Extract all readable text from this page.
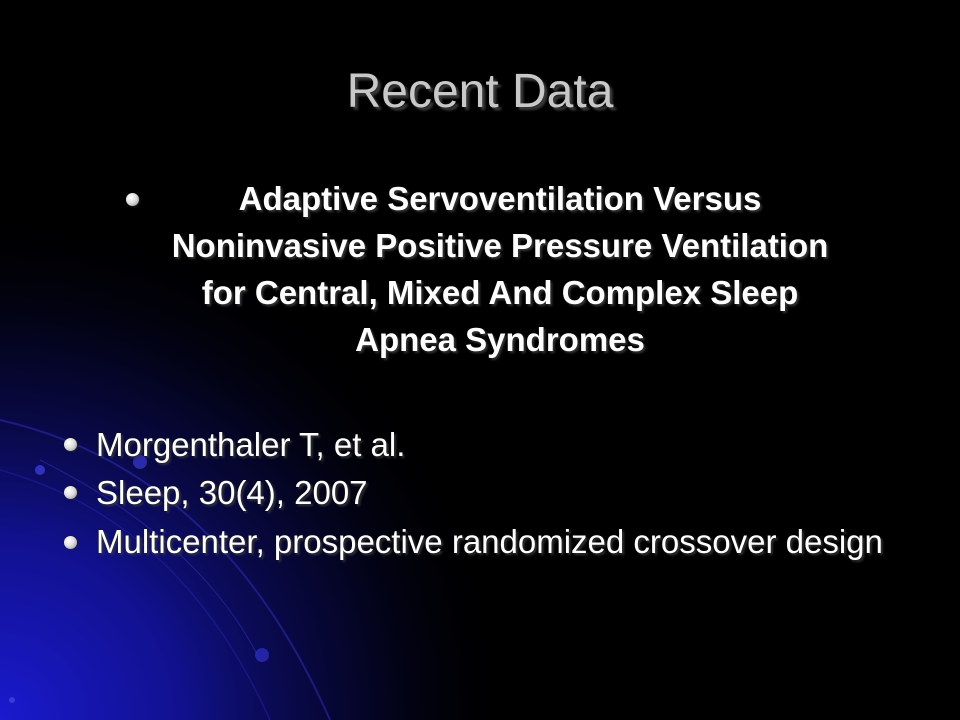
Recent Data
Adaptive Servoventilation Versus Noninvasive Positive Pressure Ventilation for Central, Mixed And Complex Sleep Apnea Syndromes
Morgenthaler T, et al.
Sleep, 30(4), 2007
Multicenter, prospective randomized crossover design
